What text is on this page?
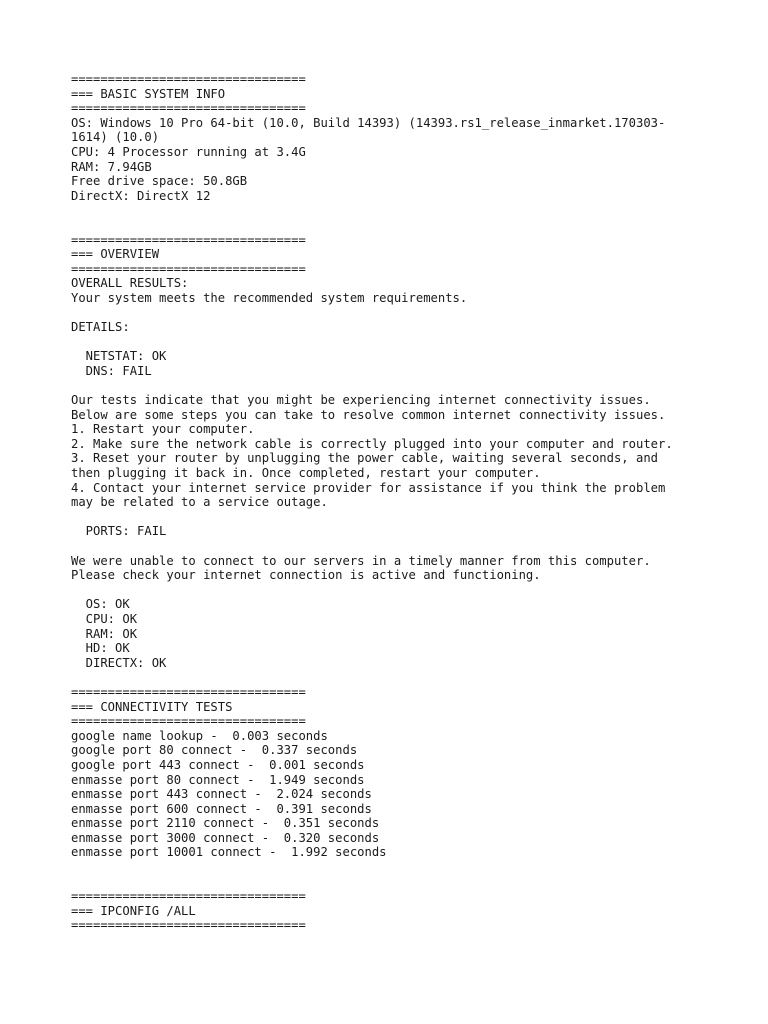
================================
=== BASIC SYSTEM INFO
================================
OS: Windows 10 Pro 64-bit (10.0, Build 14393) (14393.rs1_release_inmarket.170303-
1614) (10.0)
CPU: 4 Processor running at 3.4G
RAM: 7.94GB
Free drive space: 50.8GB
DirectX: DirectX 12
================================
=== OVERVIEW
================================
OVERALL RESULTS:
Your system meets the recommended system requirements.
DETAILS:
NETSTAT: OK
DNS: FAIL
Our tests indicate that you might be experiencing internet connectivity issues.
Below are some steps you can take to resolve common internet connectivity issues.
1. Restart your computer.
2. Make sure the network cable is correctly plugged into your computer and router.
3. Reset your router by unplugging the power cable, waiting several seconds, and
then plugging it back in. Once completed, restart your computer.
4. Contact your internet service provider for assistance if you think the problem
may be related to a service outage.
PORTS: FAIL
We were unable to connect to our servers in a timely manner from this computer.
Please check your internet connection is active and functioning.
OS: OK
CPU: OK
RAM: OK
HD: OK
DIRECTX: OK
================================
=== CONNECTIVITY TESTS
================================
google name lookup -  0.003 seconds
google port 80 connect -  0.337 seconds
google port 443 connect -  0.001 seconds
enmasse port 80 connect -  1.949 seconds
enmasse port 443 connect -  2.024 seconds
enmasse port 600 connect -  0.391 seconds
enmasse port 2110 connect -  0.351 seconds
enmasse port 3000 connect -  0.320 seconds
enmasse port 10001 connect -  1.992 seconds
================================
=== IPCONFIG /ALL
================================
